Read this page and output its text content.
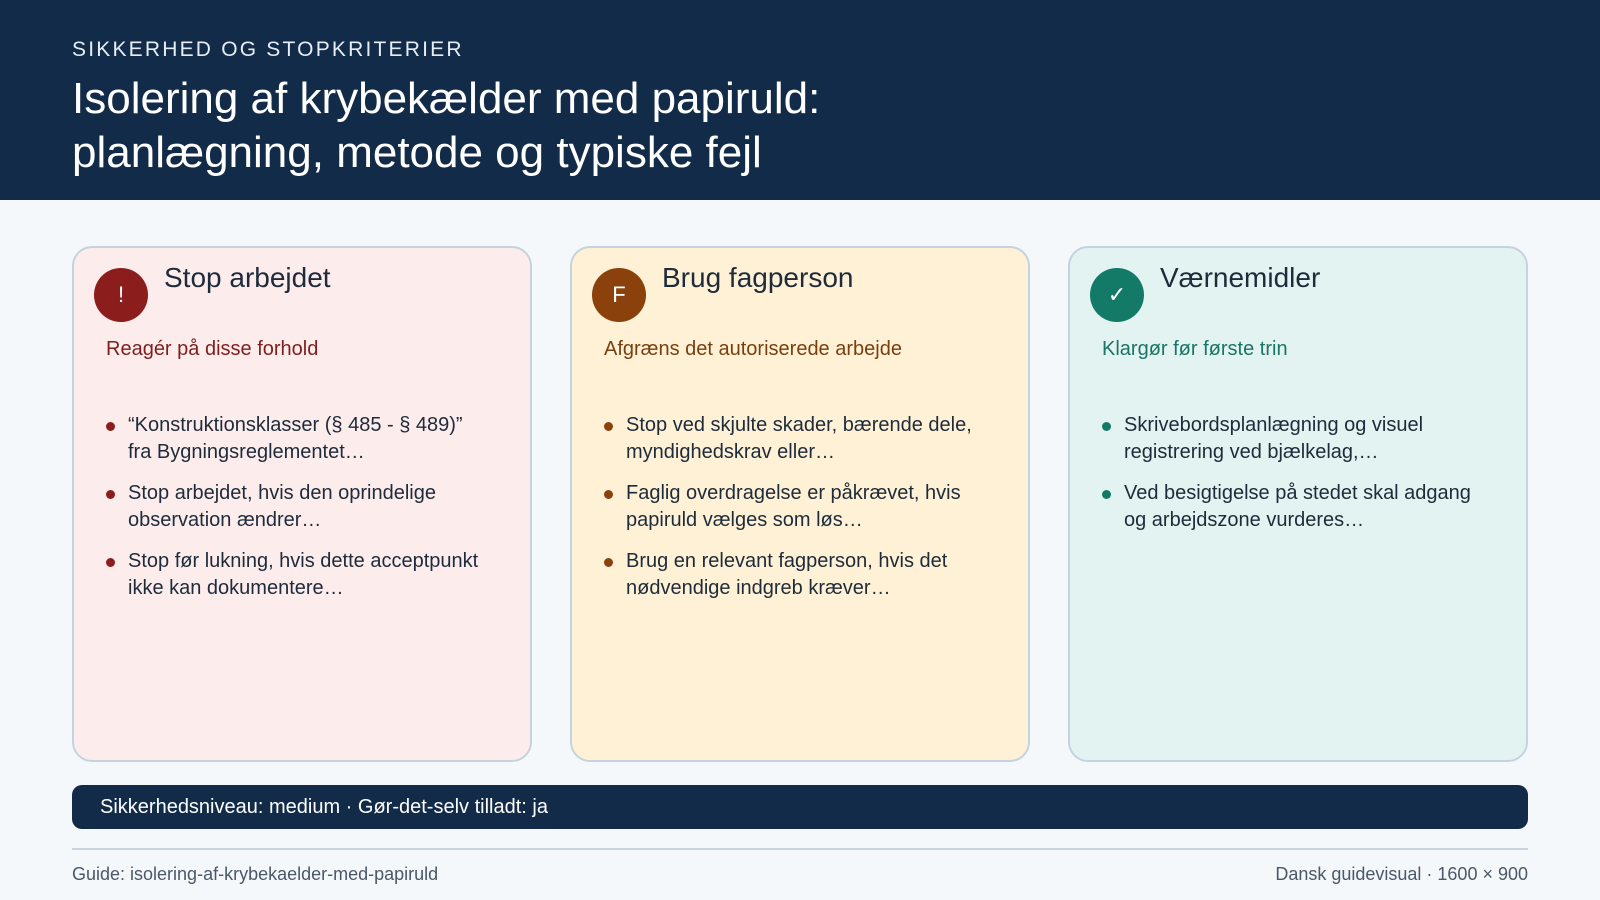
SIKKERHED OG STOPKRITERIER
Isolering af krybekælder med papiruld:
planlægning, metode og typiske fejl
!
Stop arbejdet
Reagér på disse forhold
“Konstruktionsklasser (§ 485 - § 489)” fra Bygningsreglementet…
Stop arbejdet, hvis den oprindelige observation ændrer…
Stop før lukning, hvis dette acceptpunkt ikke kan dokumentere…
F
Brug fagperson
Afgræns det autoriserede arbejde
Stop ved skjulte skader, bærende dele, myndighedskrav eller…
Faglig overdragelse er påkrævet, hvis papiruld vælges som løs…
Brug en relevant fagperson, hvis det nødvendige indgreb kræver…
✓
Værnemidler
Klargør før første trin
Skrivebordsplanlægning og visuel registrering ved bjælkelag,…
Ved besigtigelse på stedet skal adgang og arbejdszone vurderes…
Sikkerhedsniveau: medium · Gør-det-selv tilladt: ja
Guide: isolering-af-krybekaelder-med-papiruld	Dansk guidevisual · 1600 × 900
